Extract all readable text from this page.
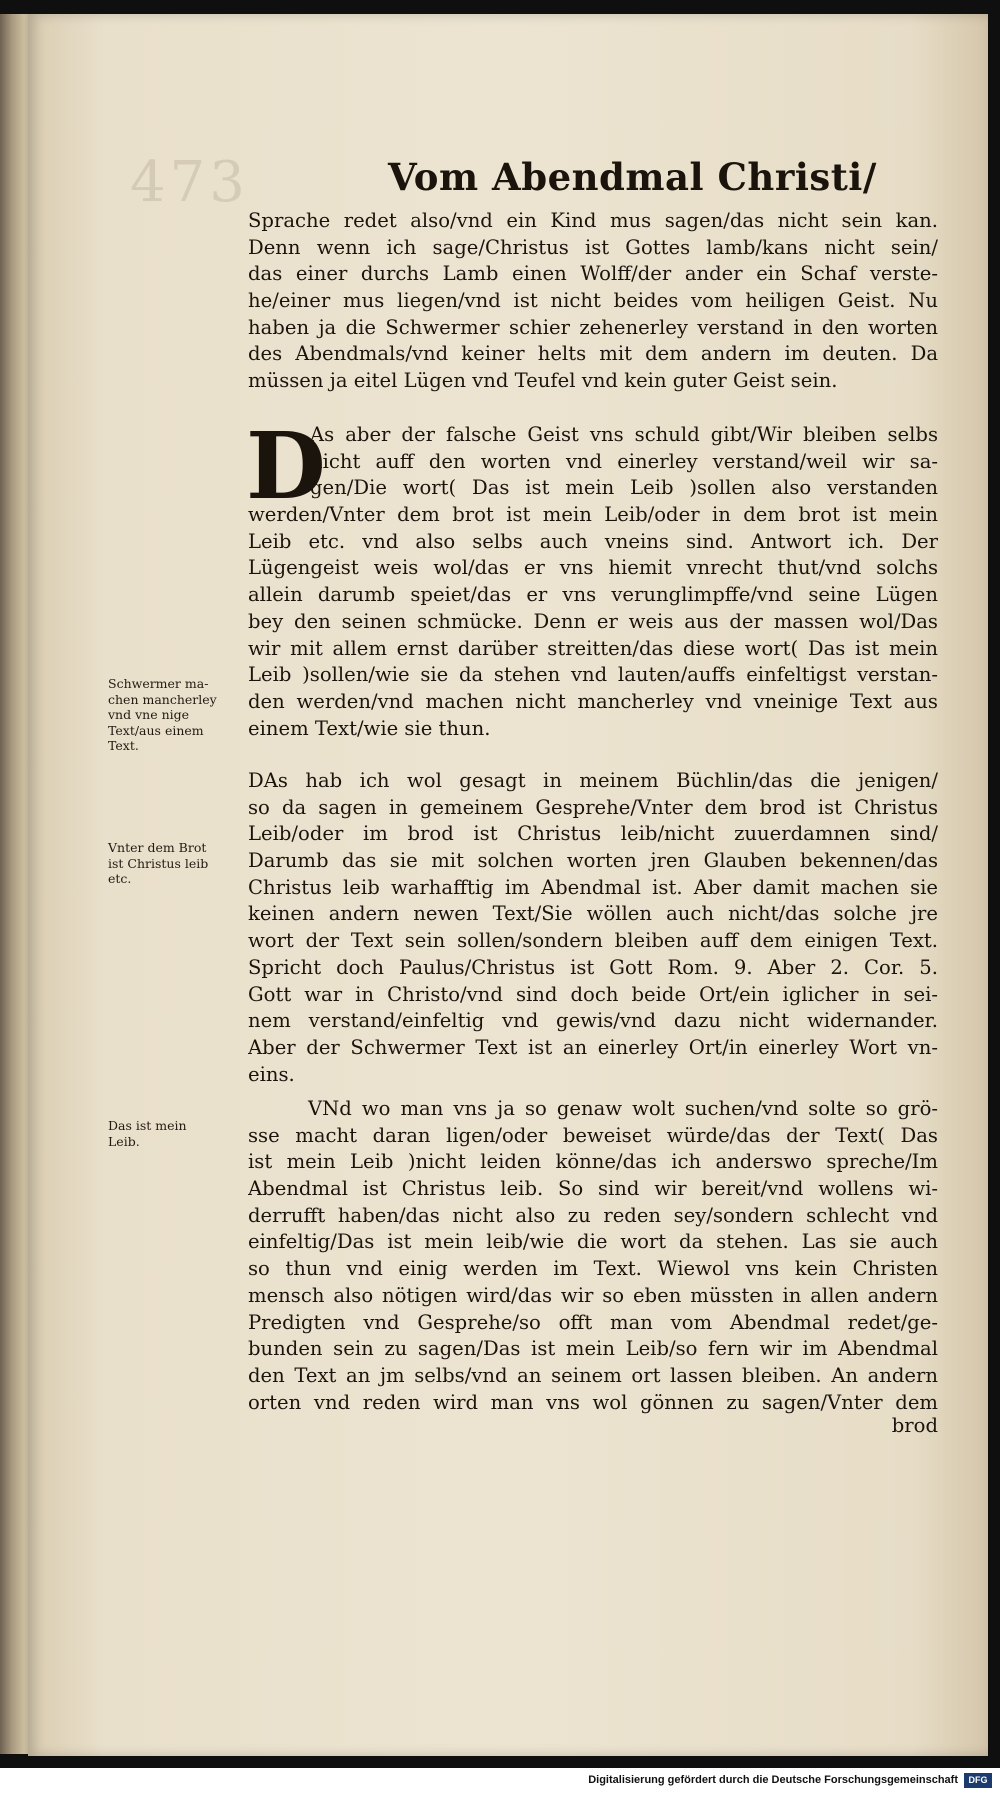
473	Vom Abendmal Christi/
Sprache redet also/vnd ein Kind mus sagen/das nicht sein kan.
Denn wenn ich sage/Christus ist Gottes lamb/kans nicht sein/
das einer durchs Lamb einen Wolff/der ander ein Schaf verste-
he/einer mus liegen/vnd ist nicht beides vom heiligen Geist. Nu
haben ja die Schwermer schier zehenerley verstand in den worten
des Abendmals/vnd keiner helts mit dem andern im deuten. Da
müssen ja eitel Lügen vnd Teufel vnd kein guter Geist sein.
D
As aber der falsche Geist vns schuld gibt/Wir bleiben selbs
nicht auff den worten vnd einerley verstand/weil wir sa-
gen/Die wort( Das ist mein Leib )sollen also verstanden
werden/Vnter dem brot ist mein Leib/oder in dem brot ist mein
Leib etc. vnd also selbs auch vneins sind. Antwort ich. Der
Lügengeist weis wol/das er vns hiemit vnrecht thut/vnd solchs
allein darumb speiet/das er vns verunglimpffe/vnd seine Lügen
bey den seinen schmücke. Denn er weis aus der massen wol/Das
wir mit allem ernst darüber streitten/das diese wort( Das ist mein
Leib )sollen/wie sie da stehen vnd lauten/auffs einfeltigst verstan-
den werden/vnd machen nicht mancherley vnd vneinige Text aus
einem Text/wie sie thun.
DAs hab ich wol gesagt in meinem Büchlin/das die jenigen/
so da sagen in gemeinem Gesprehe/Vnter dem brod ist Christus
Leib/oder im brod ist Christus leib/nicht zuuerdamnen sind/
Darumb das sie mit solchen worten jren Glauben bekennen/das
Christus leib warhafftig im Abendmal ist. Aber damit machen sie
keinen andern newen Text/Sie wöllen auch nicht/das solche jre
wort der Text sein sollen/sondern bleiben auff dem einigen Text.
Spricht doch Paulus/Christus ist Gott Rom. 9. Aber 2. Cor. 5.
Gott war in Christo/vnd sind doch beide Ort/ein iglicher in sei-
nem verstand/einfeltig vnd gewis/vnd dazu nicht widernander.
Aber der Schwermer Text ist an einerley Ort/in einerley Wort vn-
eins.
VNd wo man vns ja so genaw wolt suchen/vnd solte so grö-
sse macht daran ligen/oder beweiset würde/das der Text( Das
ist mein Leib )nicht leiden könne/das ich anderswo spreche/Im
Abendmal ist Christus leib. So sind wir bereit/vnd wollens wi-
derrufft haben/das nicht also zu reden sey/sondern schlecht vnd
einfeltig/Das ist mein leib/wie die wort da stehen. Las sie auch
so thun vnd einig werden im Text. Wiewol vns kein Christen
mensch also nötigen wird/das wir so eben müssten in allen andern
Predigten vnd Gesprehe/so offt man vom Abendmal redet/ge-
bunden sein zu sagen/Das ist mein Leib/so fern wir im Abendmal
den Text an jm selbs/vnd an seinem ort lassen bleiben. An andern
orten vnd reden wird man vns wol gönnen zu sagen/Vnter dem
brod
Schwermer ma-
chen mancherley
vnd vne nige
Text/aus einem
Text.
Vnter dem Brot
ist Christus leib
etc.
Das ist mein
Leib.
Digitalisierung gefördert durch die Deutsche Forschungsgemeinschaft	DFG
